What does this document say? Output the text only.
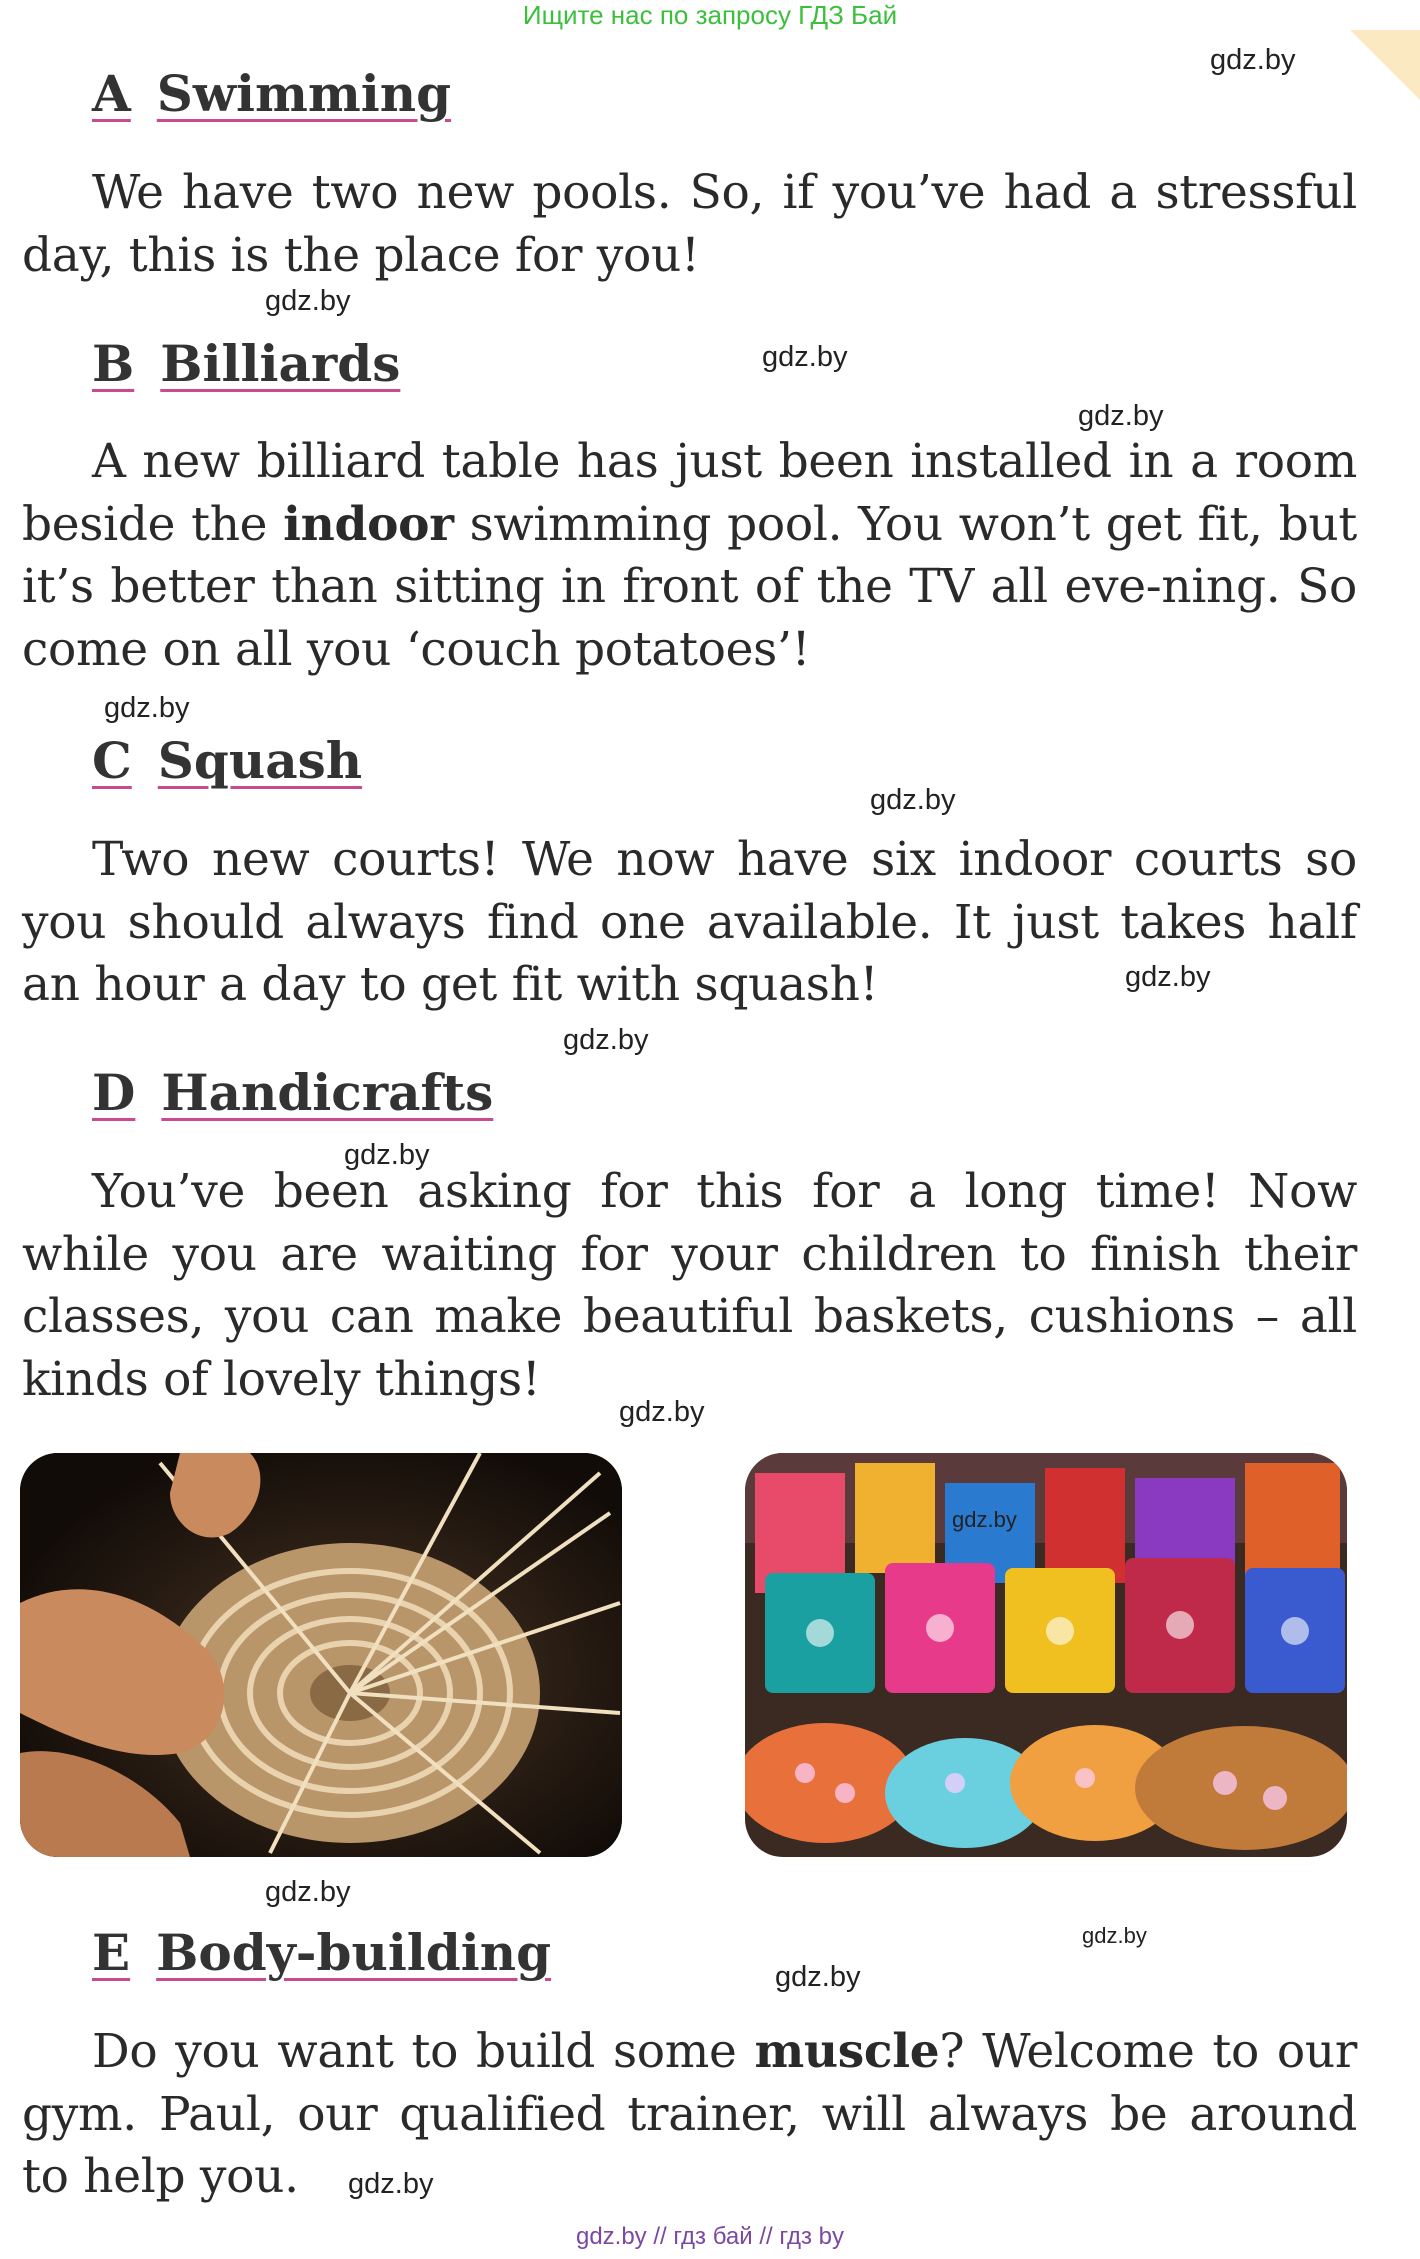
Ищите нас по запросу ГДЗ Бай
A Swimming
We have two new pools. So, if you’ve had a stressful day, this is the place for you!
B Billiards
A new billiard table has just been installed in a room beside the indoor swimming pool. You won’t get fit, but it’s better than sitting in front of the TV all eve-ning. So come on all you ‘couch potatoes’!
C Squash
Two new courts! We now have six indoor courts so you should always find one available. It just takes half an hour a day to get fit with squash!
D Handicrafts
You’ve been asking for this for a long time! Now while you are waiting for your children to finish their classes, you can make beautiful baskets, cushions – all kinds of lovely things!
E Body-building
Do you want to build some muscle? Welcome to our gym. Paul, our qualified trainer, will always be around to help you.
gdz.by
gdz.by
gdz.by
gdz.by
gdz.by
gdz.by
gdz.by
gdz.by
gdz.by
gdz.by
gdz.by
gdz.by
gdz.by
gdz.by
gdz.by
gdz.by // гдз бай // гдз by
